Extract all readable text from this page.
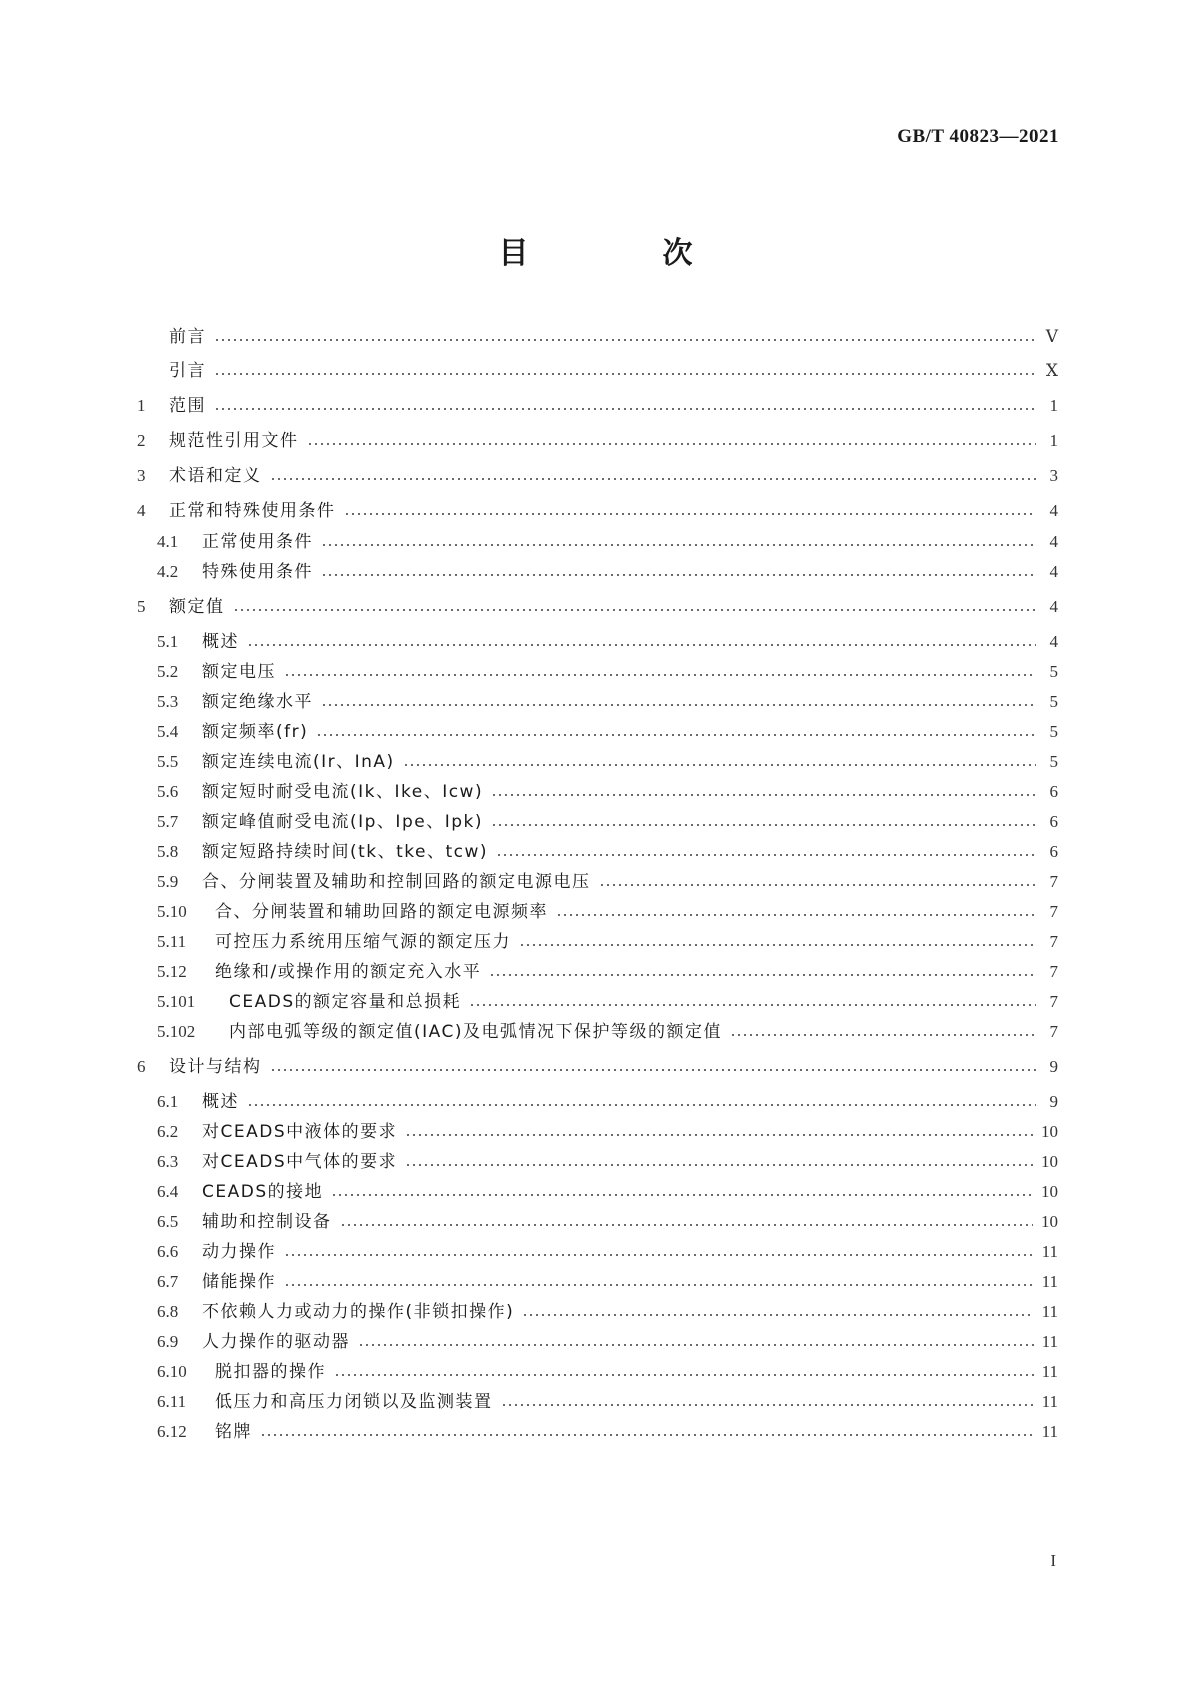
GB/T 40823—2021
目　次
前言	Ⅴ
引言	Ⅹ
1	范围	1
2	规范性引用文件	1
3	术语和定义	3
4	正常和特殊使用条件	4
4.1	正常使用条件	4
4.2	特殊使用条件	4
5	额定值	4
5.1	概述	4
5.2	额定电压	5
5.3	额定绝缘水平	5
5.4	额定频率(fr)	5
5.5	额定连续电流(Ir、InA)	5
5.6	额定短时耐受电流(Ik、Ike、Icw)	6
5.7	额定峰值耐受电流(Ip、Ipe、Ipk)	6
5.8	额定短路持续时间(tk、tke、tcw)	6
5.9	合、分闸装置及辅助和控制回路的额定电源电压	7
5.10	合、分闸装置和辅助回路的额定电源频率	7
5.11	可控压力系统用压缩气源的额定压力	7
5.12	绝缘和/或操作用的额定充入水平	7
5.101	CEADS的额定容量和总损耗	7
5.102	内部电弧等级的额定值(IAC)及电弧情况下保护等级的额定值	7
6	设计与结构	9
6.1	概述	9
6.2	对CEADS中液体的要求	10
6.3	对CEADS中气体的要求	10
6.4	CEADS的接地	10
6.5	辅助和控制设备	10
6.6	动力操作	11
6.7	储能操作	11
6.8	不依赖人力或动力的操作(非锁扣操作)	11
6.9	人力操作的驱动器	11
6.10	脱扣器的操作	11
6.11	低压力和高压力闭锁以及监测装置	11
6.12	铭牌	11
I
